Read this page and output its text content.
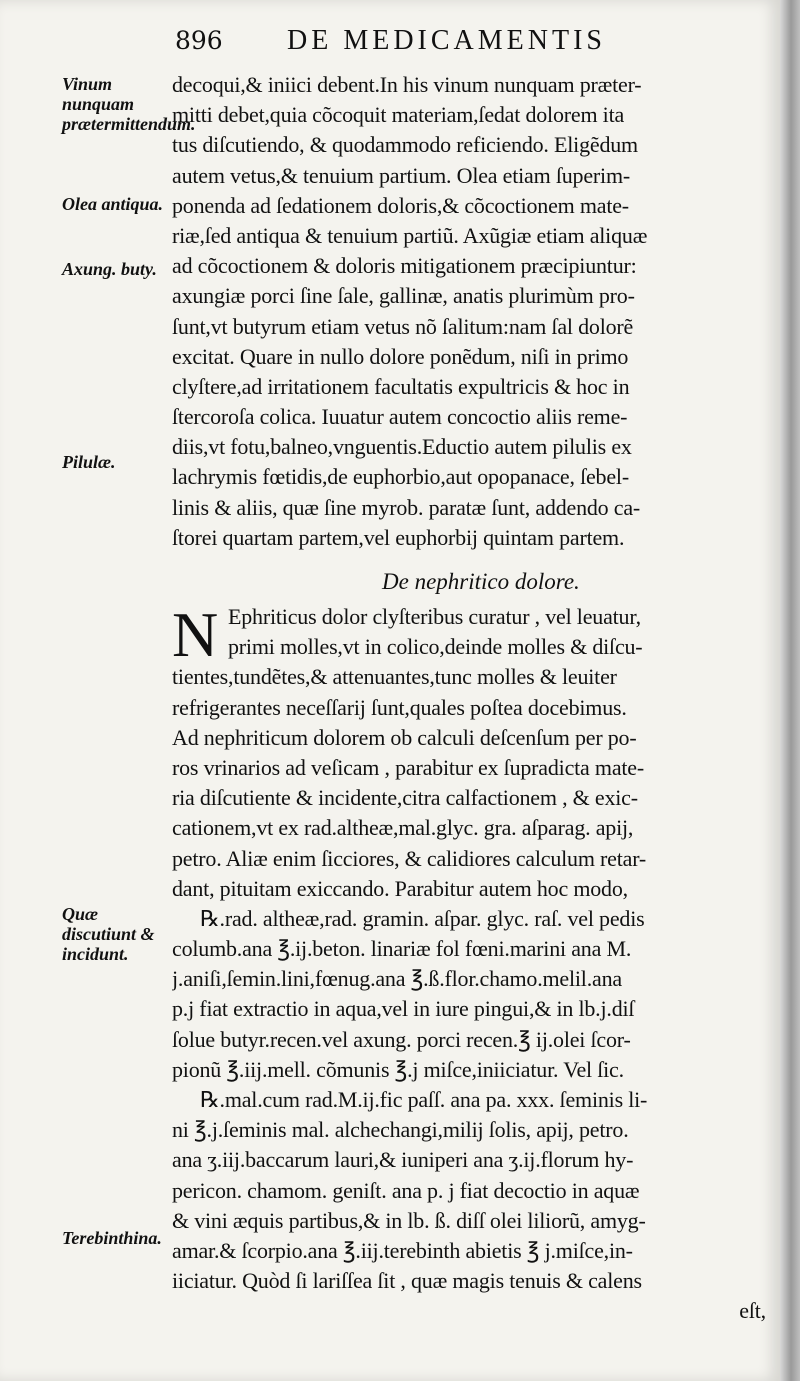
896 DE MEDICAMENTIS
Vinum nunquam prætermittendum.
Olea antiqua.
Axung. buty.
Pilulæ.
Quæ discutiunt & incidunt.
Terebinthina.
decoqui,& iniici debent.In his vinum nunquam præter-
mitti debet,quia cõcoquit materiam,ſedat dolorem ita
tus diſcutiendo, & quodammodo reficiendo. Eligẽdum
autem vetus,& tenuium partium. Olea etiam ſuperim-
ponenda ad ſedationem doloris,& cõcoctionem mate-
riæ,ſed antiqua & tenuium partiũ. Axũgiæ etiam aliquæ
ad cõcoctionem & doloris mitigationem præcipiuntur:
axungiæ porci ſine ſale, gallinæ, anatis plurimùm pro-
ſunt,vt butyrum etiam vetus nõ ſalitum:nam ſal dolorẽ
excitat. Quare in nullo dolore ponẽdum, niſi in primo
clyſtere,ad irritationem facultatis expultricis & hoc in
ſtercoroſa colica. Iuuatur autem concoctio aliis reme-
diis,vt fotu,balneo,vnguentis.Eductio autem pilulis ex
lachrymis fœtidis,de euphorbio,aut opopanace, ſebel-
linis & aliis, quæ ſine myrob. paratæ ſunt, addendo ca-
ſtorei quartam partem,vel euphorbij quintam partem.
De nephritico dolore.
N Ephriticus dolor clyſteribus curatur , vel leuatur,
primi molles,vt in colico,deinde molles & diſcu-
tientes,tundẽtes,& attenuantes,tunc molles & leuiter
refrigerantes neceſſarij ſunt,quales poſtea docebimus.
Ad nephriticum dolorem ob calculi deſcenſum per po-
ros vrinarios ad veſicam , parabitur ex ſupradicta mate-
ria diſcutiente & incidente,citra calfactionem , & exic-
cationem,vt ex rad.altheæ,mal.glyc. gra. aſparag. apij,
petro. Aliæ enim ſicciores, & calidiores calculum retar-
dant, pituitam exiccando. Parabitur autem hoc modo,
℞.rad. altheæ,rad. gramin. aſpar. glyc. raſ. vel pedis
columb.ana ℥.ij.beton. linariæ fol fœni.marini ana M.
j.aniſi,ſemin.lini,fœnug.ana ℥.ß.flor.chamo.melil.ana
p.j fiat extractio in aqua,vel in iure pingui,& in lb.j.diſ
ſolue butyr.recen.vel axung. porci recen.℥ ij.olei ſcor-
pionũ ℥.iij.mell. cõmunis ℥.j miſce,iniiciatur. Vel ſic.
℞.mal.cum rad.M.ij.fic paſſ. ana pa. xxx. ſeminis li-
ni ℥.j.ſeminis mal. alchechangi,milij ſolis, apij, petro.
ana ʒ.iij.baccarum lauri,& iuniperi ana ʒ.ij.florum hy-
pericon. chamom. geniſt. ana p. j fiat decoctio in aquæ
& vini æquis partibus,& in lb. ß. diſſ olei liliorũ, amyg-
amar.& ſcorpio.ana ℥.iij.terebinth abietis ℥ j.miſce,in-
iiciatur. Quòd ſi lariſſea ſit , quæ magis tenuis & calens
eſt,
